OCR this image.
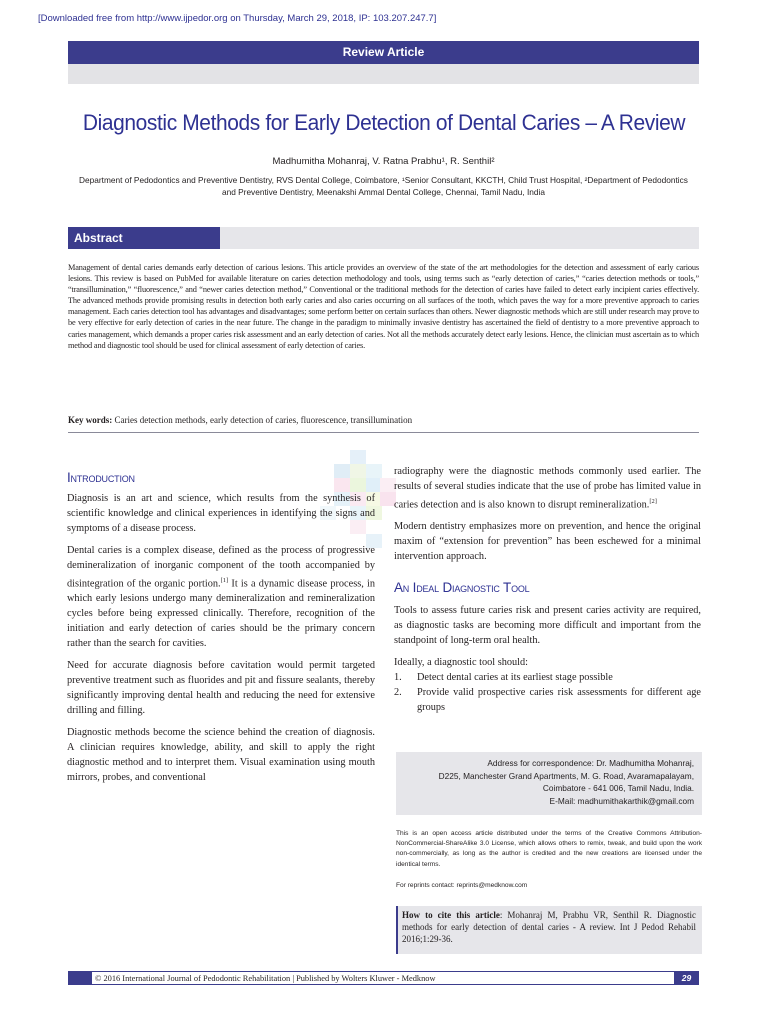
[Downloaded free from http://www.ijpedor.org on Thursday, March 29, 2018, IP: 103.207.247.7]
Review Article
Diagnostic Methods for Early Detection of Dental Caries – A Review
Madhumitha Mohanraj, V. Ratna Prabhu¹, R. Senthil²
Department of Pedodontics and Preventive Dentistry, RVS Dental College, Coimbatore, ¹Senior Consultant, KKCTH, Child Trust Hospital, ²Department of Pedodontics
and Preventive Dentistry, Meenakshi Ammal Dental College, Chennai, Tamil Nadu, India
Abstract
Management of dental caries demands early detection of carious lesions. This article provides an overview of the state of the art methodologies for the detection and assessment of early carious lesions. This review is based on PubMed for available literature on caries detection methodology and tools, using terms such as “early detection of caries,” “caries detection methods or tools,” “transillumination,” “fluorescence,” and “newer caries detection method,” Conventional or the traditional methods for the detection of caries have failed to detect early incipient caries effectively. The advanced methods provide promising results in detection both early caries and also caries occurring on all surfaces of the tooth, which paves the way for a more preventive approach to caries management. Each caries detection tool has advantages and disadvantages; some perform better on certain surfaces than others. Newer diagnostic methods which are still under research may prove to be very effective for early detection of caries in the near future. The change in the paradigm to minimally invasive dentistry has ascertained the field of dentistry to a more preventive approach to caries management, which demands a proper caries risk assessment and an early detection of caries. Not all the methods accurately detect early lesions. Hence, the clinician must ascertain as to which method and diagnostic tool should be used for clinical assessment of early detection of caries.
Key words: Caries detection methods, early detection of caries, fluorescence, transillumination
Introduction

Diagnosis is an art and science, which results from the synthesis of scientific knowledge and clinical experiences in identifying the signs and symptoms of a disease process.

Dental caries is a complex disease, defined as the process of progressive demineralization of inorganic component of the tooth accompanied by disintegration of the organic portion.[1] It is a dynamic disease process, in which early lesions undergo many demineralization and remineralization cycles before being expressed clinically. Therefore, recognition of the initiation and early detection of caries should be the primary concern rather than the search for cavities.

Need for accurate diagnosis before cavitation would permit targeted preventive treatment such as fluorides and pit and fissure sealants, thereby significantly improving dental health and reducing the need for extensive drilling and filling.

Diagnostic methods become the science behind the creation of diagnosis. A clinician requires knowledge, ability, and skill to apply the right diagnostic method and to interpret them. Visual examination using mouth mirrors, probes, and conventional

radiography were the diagnostic methods commonly used earlier. The results of several studies indicate that the use of probe has limited value in caries detection and is also known to disrupt remineralization.[2]

Modern dentistry emphasizes more on prevention, and hence the original maxim of “extension for prevention” has been eschewed for a minimal intervention approach.

An Ideal Diagnostic Tool

Tools to assess future caries risk and present caries activity are required, as diagnostic tasks are becoming more difficult and important from the standpoint of long-term oral health.

Ideally, a diagnostic tool should:

1.	Detect dental caries at its earliest stage possible
2.	Provide valid prospective caries risk assessments for different age groups
Address for correspondence: Dr. Madhumitha Mohanraj,
D225, Manchester Grand Apartments, M. G. Road, Avaramapalayam,
Coimbatore - 641 006, Tamil Nadu, India.
E-Mail: madhumithakarthik@gmail.com
This is an open access article distributed under the terms of the Creative Commons Attribution-NonCommercial-ShareAlike 3.0 License, which allows others to remix, tweak, and build upon the work non-commercially, as long as the author is credited and the new creations are licensed under the identical terms.
For reprints contact: reprints@medknow.com
How to cite this article: Mohanraj M, Prabhu VR, Senthil R. Diagnostic methods for early detection of dental caries - A review. Int J Pedod Rehabil 2016;1:29-36.
© 2016 International Journal of Pedodontic Rehabilitation | Published by Wolters Kluwer - Medknow	29
